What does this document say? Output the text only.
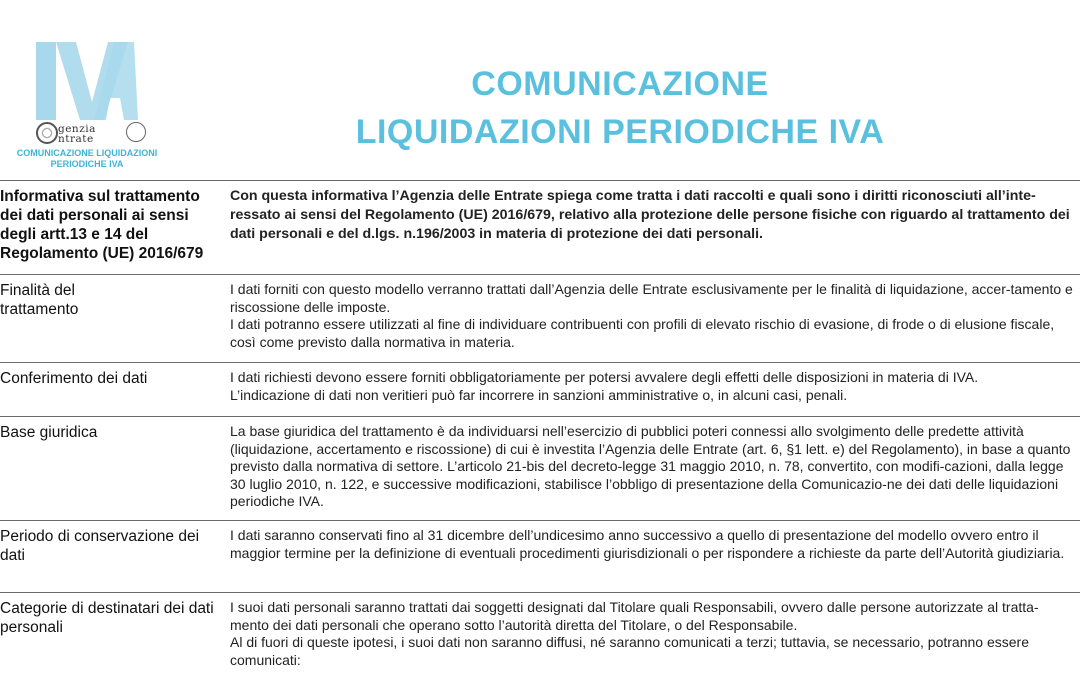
genzia
ntrate
COMUNICAZIONE LIQUIDAZIONI
PERIODICHE IVA
COMUNICAZIONE
LIQUIDAZIONI PERIODICHE IVA
Informativa sul trattamento dei dati personali ai sensi degli artt.13 e 14 del Regolamento (UE) 2016/679

Con questa informativa l’Agenzia delle Entrate spiega come tratta i dati raccolti e quali sono i diritti riconosciuti all’inte-ressato ai sensi del Regolamento (UE) 2016/679, relativo alla protezione delle persone fisiche con riguardo al trattamento dei dati personali e del d.lgs. n.196/2003 in materia di protezione dei dati personali.

Finalità del trattamento

I dati forniti con questo modello verranno trattati dall’Agenzia delle Entrate esclusivamente per le finalità di liquidazione, accer-tamento e riscossione delle imposte.

I dati potranno essere utilizzati al fine di individuare contribuenti con profili di elevato rischio di evasione, di frode o di elusione fiscale, così come previsto dalla normativa in materia.

Conferimento dei dati	I dati richiesti devono essere forniti obbligatoriamente per potersi avvalere degli effetti delle disposizioni in materia di IVA.

L’indicazione di dati non veritieri può far incorrere in sanzioni amministrative o, in alcuni casi, penali.

Base giuridica	La base giuridica del trattamento è da individuarsi nell’esercizio di pubblici poteri connessi allo svolgimento delle predette attività (liquidazione, accertamento e riscossione) di cui è investita l’Agenzia delle Entrate (art. 6, §1 lett. e) del Regolamento), in base a quanto previsto dalla normativa di settore. L’articolo 21-bis del decreto-legge 31 maggio 2010, n. 78, convertito, con modifi-cazioni, dalla legge 30 luglio 2010, n. 122, e successive modificazioni, stabilisce l’obbligo di presentazione della Comunicazio-ne dei dati delle liquidazioni periodiche IVA.

Periodo di conservazione dei dati

I dati saranno conservati fino al 31 dicembre dell’undicesimo anno successivo a quello di presentazione del modello ovvero entro il maggior termine per la definizione di eventuali procedimenti giurisdizionali o per rispondere a richieste da parte dell’Autorità giudiziaria.

Categorie di destinatari dei dati personali

I suoi dati personali saranno trattati dai soggetti designati dal Titolare quali Responsabili, ovvero dalle persone autorizzate al tratta-mento dei dati personali che operano sotto l’autorità diretta del Titolare, o del Responsabile.

Al di fuori di queste ipotesi, i suoi dati non saranno diffusi, né saranno comunicati a terzi; tuttavia, se necessario, potranno essere comunicati:
